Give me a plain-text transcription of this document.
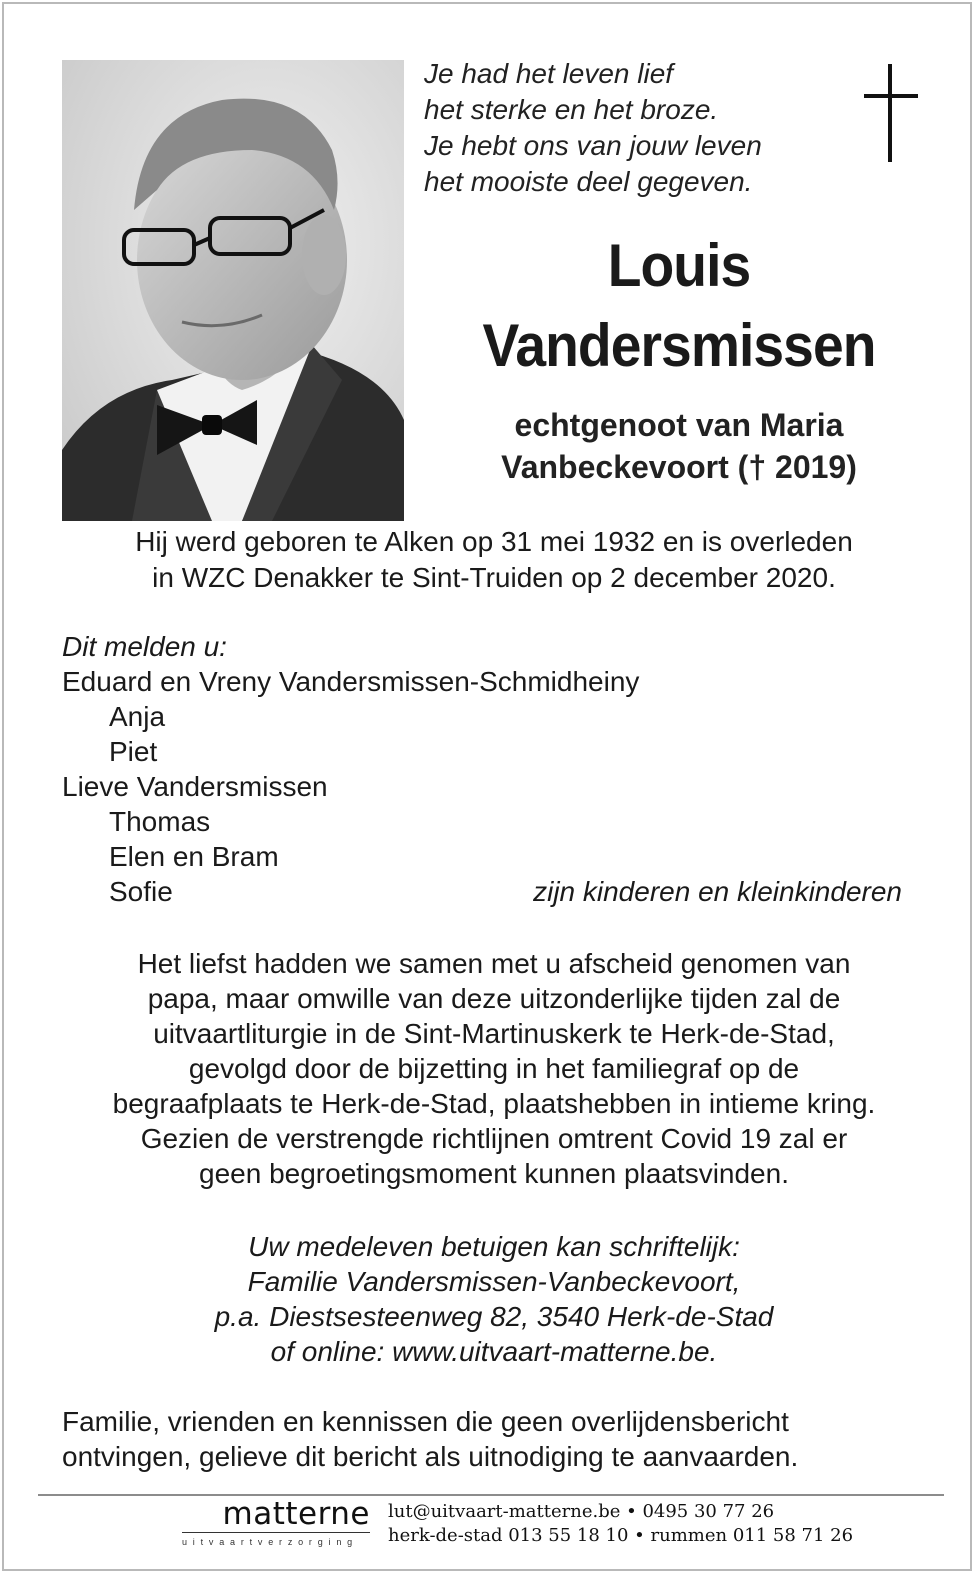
Je had het leven lief
het sterke en het broze.
Je hebt ons van jouw leven
het mooiste deel gegeven.
Louis
Vandersmissen
echtgenoot van Maria
Vanbeckevoort († 2019)
Hij werd geboren te Alken op 31 mei 1932 en is overleden
in WZC Denakker te Sint-Truiden op 2 december 2020.
Dit melden u:
Eduard en Vreny Vandersmissen-Schmidheiny
Anja
Piet
Lieve Vandersmissen
Thomas
Elen en Bram
Sofie	zijn kinderen en kleinkinderen
Het liefst hadden we samen met u afscheid genomen van
papa, maar omwille van deze uitzonderlijke tijden zal de
uitvaartliturgie in de Sint-Martinuskerk te Herk-de-Stad,
gevolgd door de bijzetting in het familiegraf op de
begraafplaats te Herk-de-Stad, plaatshebben in intieme kring.
Gezien de verstrengde richtlijnen omtrent Covid 19 zal er
geen begroetingsmoment kunnen plaatsvinden.
Uw medeleven betuigen kan schriftelijk:
Familie Vandersmissen-Vanbeckevoort,
p.a. Diestsesteenweg 82, 3540 Herk-de-Stad
of online: www.uitvaart-matterne.be.
Familie, vrienden en kennissen die geen overlijdensbericht
ontvingen, gelieve dit bericht als uitnodiging te aanvaarden.
matterne
uitvaartverzorging
lut@uitvaart-matterne.be • 0495 30 77 26
herk-de-stad 013 55 18 10 • rummen 011 58 71 26
